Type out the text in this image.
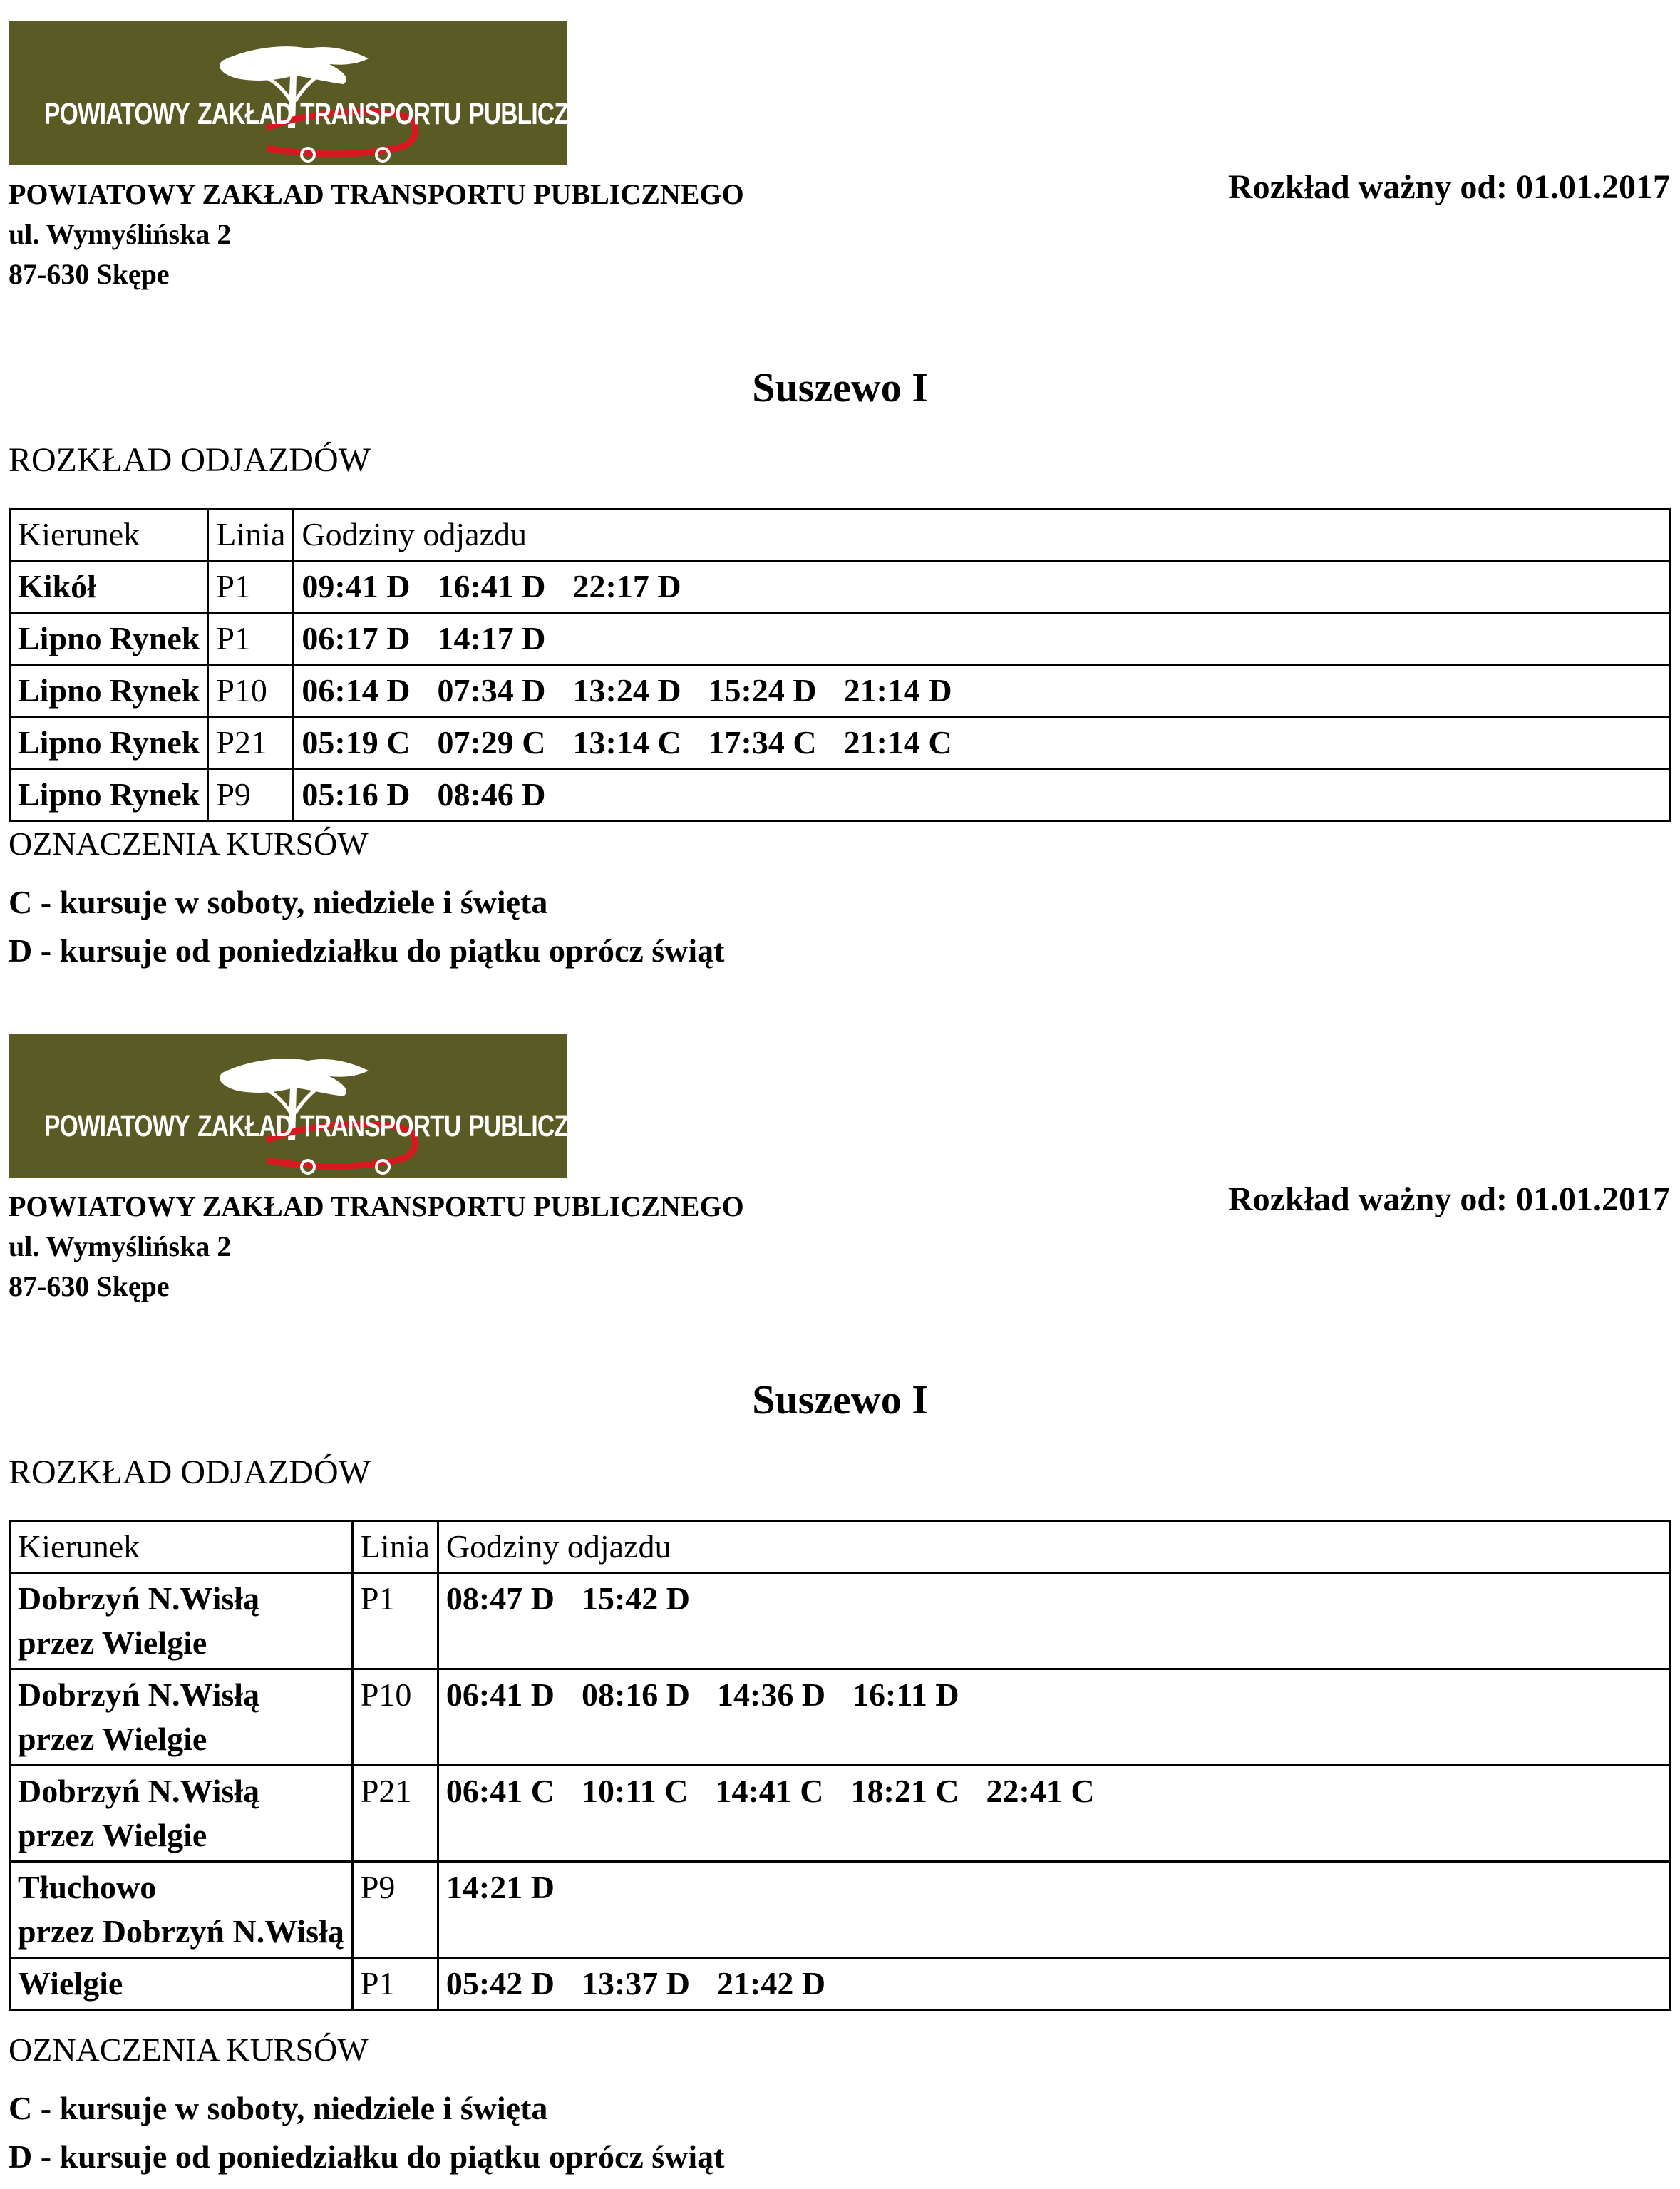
POWIATOWY ZAKŁAD TRANSPORTU PUBLICZNEGO
POWIATOWY ZAKŁAD TRANSPORTU PUBLICZNEGO
ul. Wymyślińska 2
87-630 Skępe
Rozkład ważny od: 01.01.2017
Suszewo I
ROZKŁAD ODJAZDÓW
Kierunek	Linia	Godziny odjazdu

Kikół	P1	09:41 D 16:41 D 22:17 D

Lipno Rynek	P1	06:17 D 14:17 D

Lipno Rynek	P10	06:14 D 07:34 D 13:24 D 15:24 D 21:14 D

Lipno Rynek	P21	05:19 C 07:29 C 13:14 C 17:34 C 21:14 C

Lipno Rynek	P9	05:16 D 08:46 D
OZNACZENIA KURSÓW
C - kursuje w soboty, niedziele i święta
D - kursuje od poniedziałku do piątku oprócz świąt
POWIATOWY ZAKŁAD TRANSPORTU PUBLICZNEGO
POWIATOWY ZAKŁAD TRANSPORTU PUBLICZNEGO
ul. Wymyślińska 2
87-630 Skępe
Rozkład ważny od: 01.01.2017
Suszewo I
ROZKŁAD ODJAZDÓW
Kierunek	Linia	Godziny odjazdu

Dobrzyń N.Wisłą
przez Wielgie	P1	08:47 D 15:42 D

Dobrzyń N.Wisłą
przez Wielgie	P10	06:41 D 08:16 D 14:36 D 16:11 D

Dobrzyń N.Wisłą
przez Wielgie	P21	06:41 C 10:11 C 14:41 C 18:21 C 22:41 C

Tłuchowo
przez Dobrzyń N.Wisłą	P9	14:21 D

Wielgie	P1	05:42 D 13:37 D 21:42 D
OZNACZENIA KURSÓW
C - kursuje w soboty, niedziele i święta
D - kursuje od poniedziałku do piątku oprócz świąt
